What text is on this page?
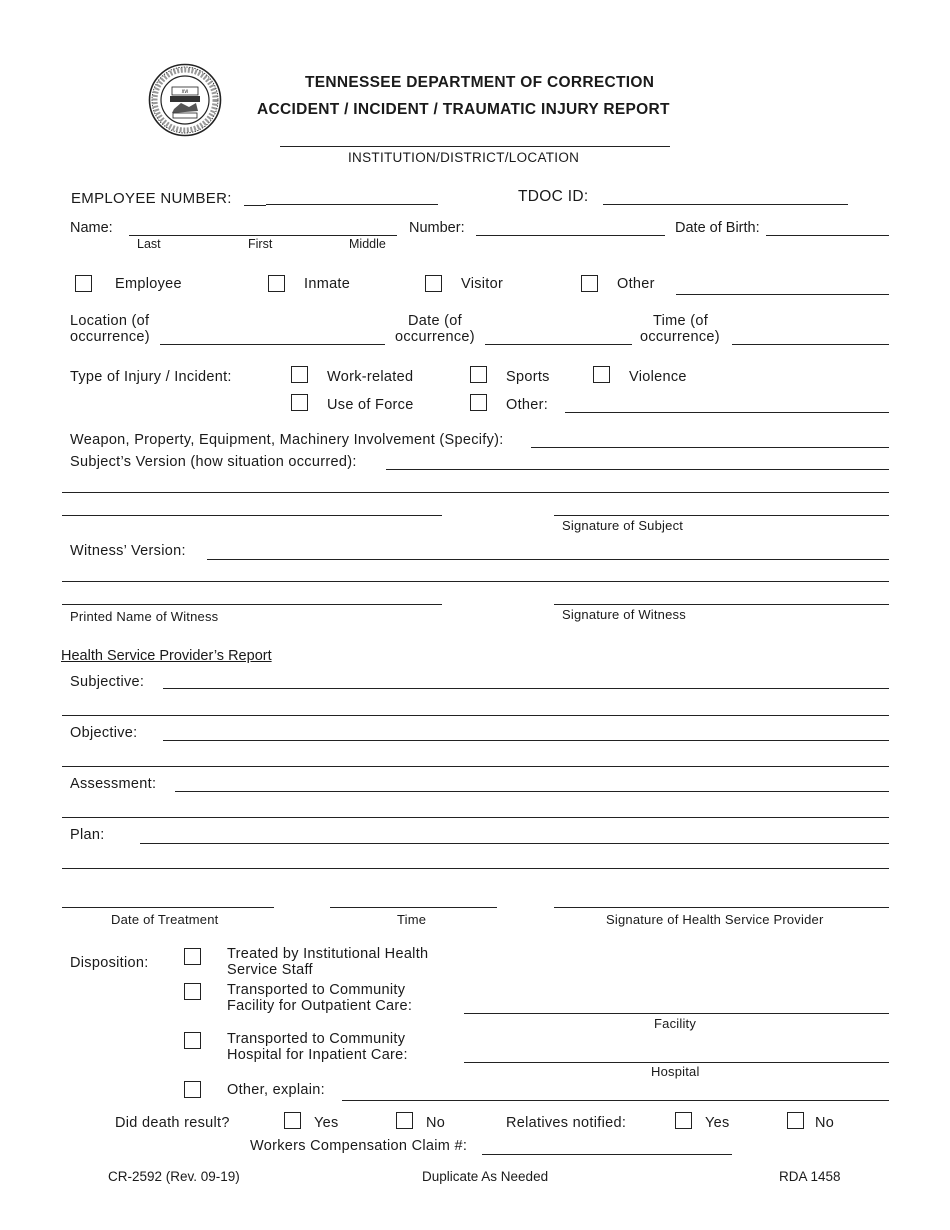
XVI
TENNESSEE DEPARTMENT OF CORRECTION
ACCIDENT / INCIDENT / TRAUMATIC INJURY REPORT
INSTITUTION/DISTRICT/LOCATION
EMPLOYEE NUMBER:	TDOC ID:
Name:
Last	First	Middle
Number:	Date of Birth:
Employee	Inmate	Visitor	Other
Location (of
occurrence)
Date (of
occurrence)
Time (of
occurrence)
Type of Injury / Incident:	Work-related	Sports	Violence
Use of Force	Other:
Weapon, Property, Equipment, Machinery Involvement (Specify):
Subject’s Version (how situation occurred):
Signature of Subject
Witness’ Version:
Printed Name of Witness	Signature of Witness
Health Service Provider’s Report
Subjective:
Objective:
Assessment:
Plan:
Date of Treatment	Time	Signature of Health Service Provider
Disposition:
Treated by Institutional Health
Service Staff
Transported to Community
Facility for Outpatient Care:
Facility
Transported to Community
Hospital for Inpatient Care:
Hospital
Other, explain:
Did death result?	Yes	No	Relatives notified:	Yes	No
Workers Compensation Claim #:
CR-2592 (Rev. 09-19)	Duplicate As Needed	RDA 1458
